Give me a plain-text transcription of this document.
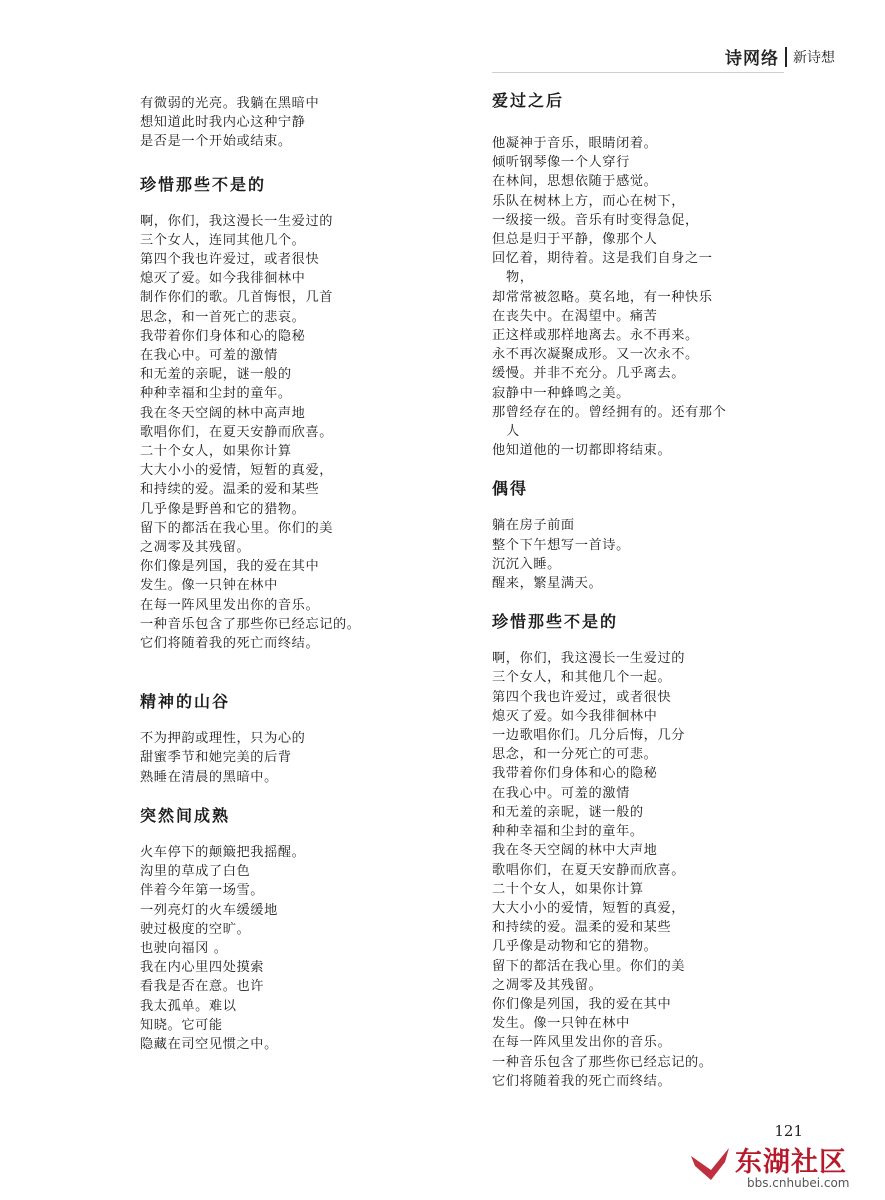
诗网络 新诗想
有微弱的光亮。我躺在黑暗中
想知道此时我内心这种宁静
是否是一个开始或结束。
珍惜那些不是的
啊，你们，我这漫长一生爱过的
三个女人，连同其他几个。
第四个我也许爱过，或者很快
熄灭了爱。如今我徘徊林中
制作你们的歌。几首悔恨，几首
思念，和一首死亡的悲哀。
我带着你们身体和心的隐秘
在我心中。可羞的激情
和无羞的亲昵，谜一般的
种种幸福和尘封的童年。
我在冬天空阔的林中高声地
歌唱你们，在夏天安静而欣喜。
二十个女人，如果你计算
大大小小的爱情，短暂的真爱，
和持续的爱。温柔的爱和某些
几乎像是野兽和它的猎物。
留下的都活在我心里。你们的美
之凋零及其残留。
你们像是列国，我的爱在其中
发生。像一只钟在林中
在每一阵风里发出你的音乐。
一种音乐包含了那些你已经忘记的。
它们将随着我的死亡而终结。
精神的山谷
不为押韵或理性，只为心的
甜蜜季节和她完美的后背
熟睡在清晨的黑暗中。
突然间成熟
火车停下的颠簸把我摇醒。
沟里的草成了白色
伴着今年第一场雪。
一列亮灯的火车缓缓地
驶过极度的空旷。
也驶向福冈 。
我在内心里四处摸索
看我是否在意。也许
我太孤单。难以
知晓。它可能
隐藏在司空见惯之中。
爱过之后
他凝神于音乐，眼睛闭着。
倾听钢琴像一个人穿行
在林间，思想依随于感觉。
乐队在树林上方，而心在树下，
一级接一级。音乐有时变得急促，
但总是归于平静，像那个人
回忆着，期待着。这是我们自身之一
物，
却常常被忽略。莫名地，有一种快乐
在丧失中。在渴望中。痛苦
正这样或那样地离去。永不再来。
永不再次凝聚成形。又一次永不。
缓慢。并非不充分。几乎离去。
寂静中一种蜂鸣之美。
那曾经存在的。曾经拥有的。还有那个
人
他知道他的一切都即将结束。
偶得
躺在房子前面
整个下午想写一首诗。
沉沉入睡。
醒来，繁星满天。
珍惜那些不是的
啊，你们，我这漫长一生爱过的
三个女人，和其他几个一起。
第四个我也许爱过，或者很快
熄灭了爱。如今我徘徊林中
一边歌唱你们。几分后悔，几分
思念，和一分死亡的可悲。
我带着你们身体和心的隐秘
在我心中。可羞的激情
和无羞的亲昵，谜一般的
种种幸福和尘封的童年。
我在冬天空阔的林中大声地
歌唱你们，在夏天安静而欣喜。
二十个女人，如果你计算
大大小小的爱情，短暂的真爱，
和持续的爱。温柔的爱和某些
几乎像是动物和它的猎物。
留下的都活在我心里。你们的美
之凋零及其残留。
你们像是列国，我的爱在其中
发生。像一只钟在林中
在每一阵风里发出你的音乐。
一种音乐包含了那些你已经忘记的。
它们将随着我的死亡而终结。
121
东湖社区
bbs.cnhubei.com
